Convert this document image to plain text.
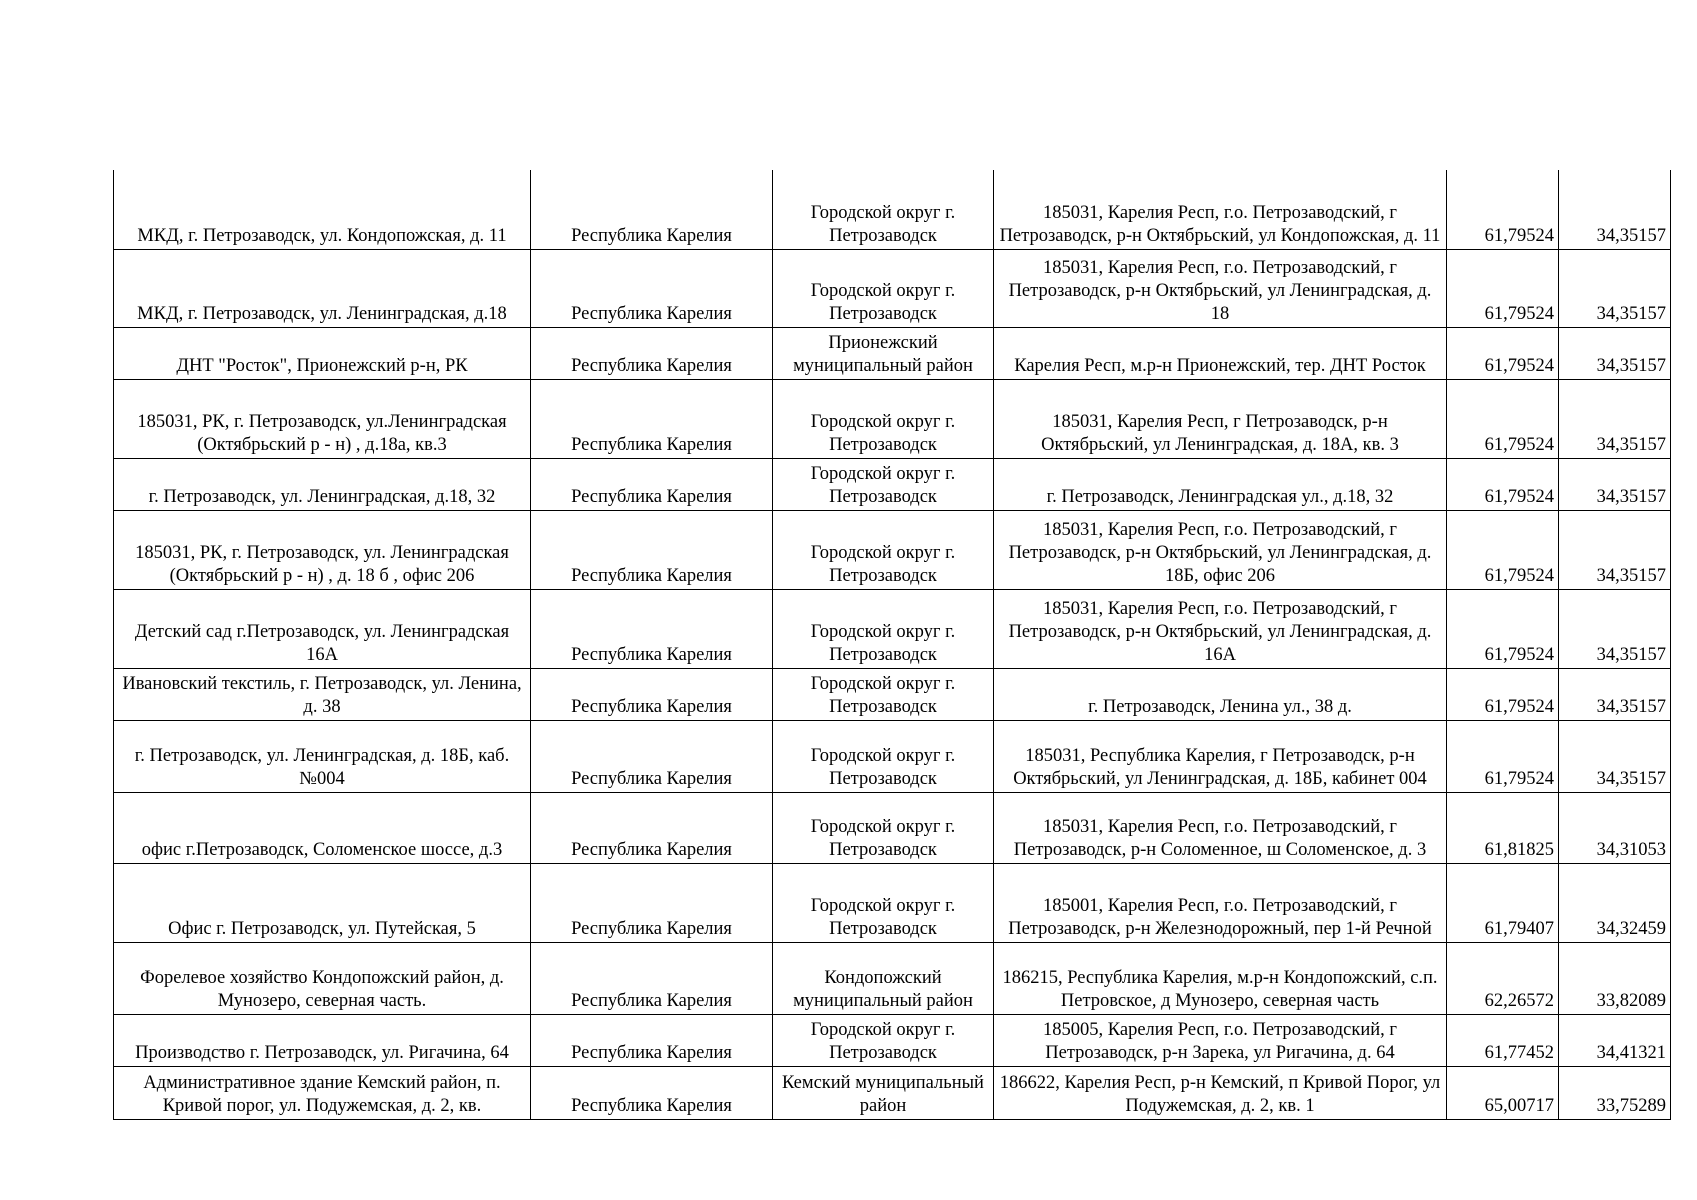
МКД, г. Петрозаводск, ул. Кондопожская, д. 11	Республика Карелия	Городской округ г. Петрозаводск	185031, Карелия Респ, г.о. Петрозаводский, г Петрозаводск, р-н Октябрьский, ул Кондопожская, д. 11	61,79524	34,35157
МКД, г. Петрозаводск, ул. Ленинградская, д.18	Республика Карелия	Городской округ г. Петрозаводск	185031, Карелия Респ, г.о. Петрозаводский, г Петрозаводск, р-н Октябрьский, ул Ленинградская, д. 18	61,79524	34,35157
ДНТ "Росток", Прионежский р-н, РК	Республика Карелия	Прионежский муниципальный район	Карелия Респ, м.р-н Прионежский, тер. ДНТ Росток	61,79524	34,35157
185031, РК, г. Петрозаводск, ул.Ленинградская (Октябрьский р - н) , д.18а, кв.3	Республика Карелия	Городской округ г. Петрозаводск	185031, Карелия Респ, г Петрозаводск, р-н Октябрьский, ул Ленинградская, д. 18А, кв. 3	61,79524	34,35157
г. Петрозаводск, ул. Ленинградская, д.18, 32	Республика Карелия	Городской округ г. Петрозаводск	г. Петрозаводск, Ленинградская ул., д.18, 32	61,79524	34,35157
185031, РК, г. Петрозаводск, ул. Ленинградская (Октябрьский р - н) , д. 18 б , офис 206	Республика Карелия	Городской округ г. Петрозаводск	185031, Карелия Респ, г.о. Петрозаводский, г Петрозаводск, р-н Октябрьский, ул Ленинградская, д. 18Б, офис 206	61,79524	34,35157
Детский сад г.Петрозаводск, ул. Ленинградская 16А	Республика Карелия	Городской округ г. Петрозаводск	185031, Карелия Респ, г.о. Петрозаводский, г Петрозаводск, р-н Октябрьский, ул Ленинградская, д. 16А	61,79524	34,35157
Ивановский текстиль, г. Петрозаводск, ул. Ленина, д. 38	Республика Карелия	Городской округ г. Петрозаводск	г. Петрозаводск, Ленина ул., 38 д.	61,79524	34,35157
г. Петрозаводск, ул. Ленинградская, д. 18Б, каб. №004	Республика Карелия	Городской округ г. Петрозаводск	185031, Республика Карелия, г Петрозаводск, р-н Октябрьский, ул Ленинградская, д. 18Б, кабинет 004	61,79524	34,35157
офис г.Петрозаводск, Соломенское шоссе, д.3	Республика Карелия	Городской округ г. Петрозаводск	185031, Карелия Респ, г.о. Петрозаводский, г Петрозаводск, р-н Соломенное, ш Соломенское, д. 3	61,81825	34,31053
Офис г. Петрозаводск, ул. Путейская, 5	Республика Карелия	Городской округ г. Петрозаводск	185001, Карелия Респ, г.о. Петрозаводский, г Петрозаводск, р-н Железнодорожный, пер 1-й Речной	61,79407	34,32459
Форелевое хозяйство Кондопожский район, д. Мунозеро, северная часть.	Республика Карелия	Кондопожский муниципальный район	186215, Республика Карелия, м.р-н Кондопожский, с.п. Петровское, д Мунозеро, северная часть	62,26572	33,82089
Производство г. Петрозаводск, ул. Ригачина, 64	Республика Карелия	Городской округ г. Петрозаводск	185005, Карелия Респ, г.о. Петрозаводский, г Петрозаводск, р-н Зарека, ул Ригачина, д. 64	61,77452	34,41321
Административное здание Кемский район, п. Кривой порог, ул. Подужемская, д. 2, кв.	Республика Карелия	Кемский муниципальный район	186622, Карелия Респ, р-н Кемский, п Кривой Порог, ул Подужемская, д. 2, кв. 1	65,00717	33,75289
